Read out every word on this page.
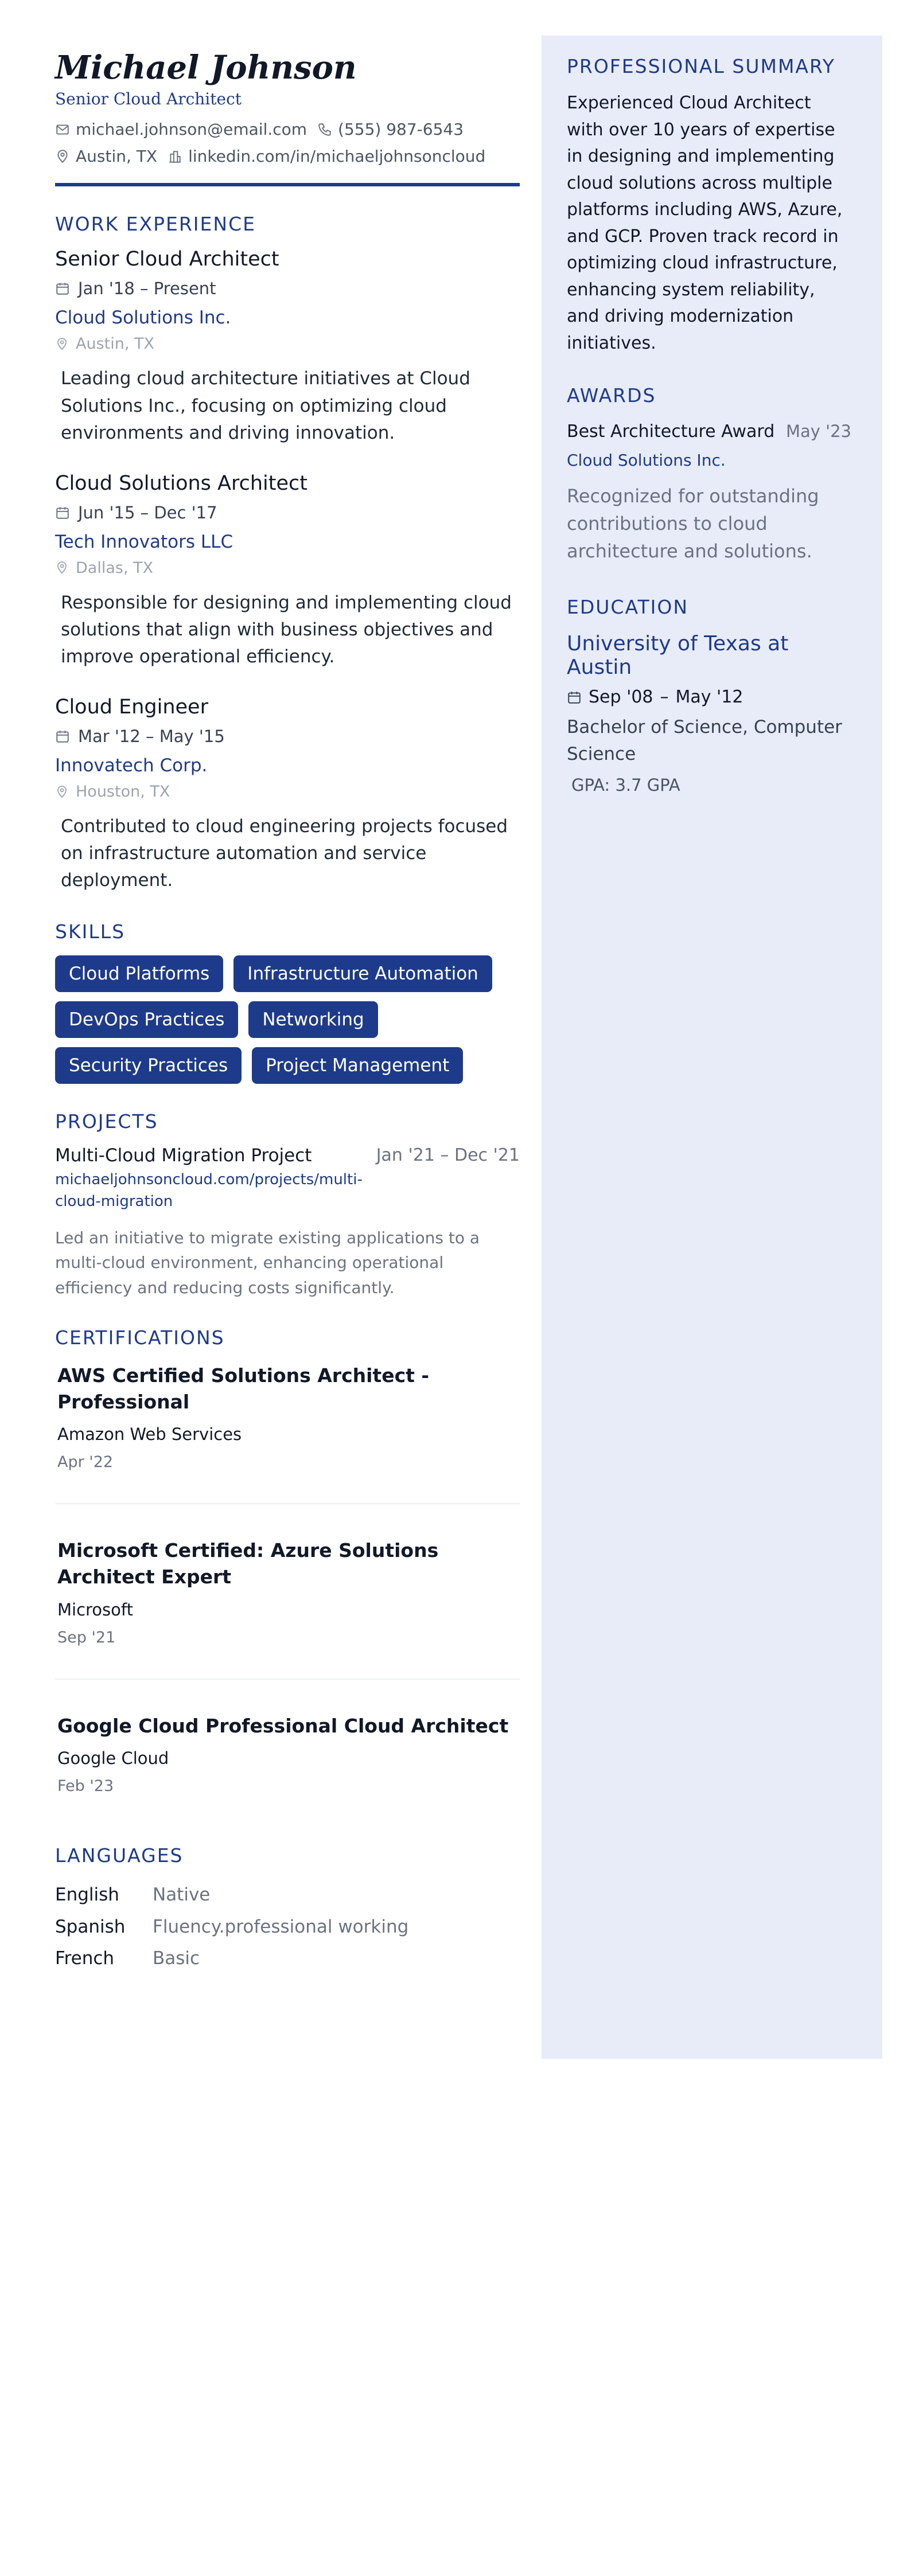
Michael Johnson
Senior Cloud Architect
michael.johnson@email.com (555) 987-6543
Austin, TX linkedin.com/in/michaeljohnsoncloud
WORK EXPERIENCE
Senior Cloud Architect
Jan '18 – Present
Cloud Solutions Inc.
Austin, TX
Leading cloud architecture initiatives at Cloud Solutions Inc., focusing on optimizing cloud environments and driving innovation.
Cloud Solutions Architect
Jun '15 – Dec '17
Tech Innovators LLC
Dallas, TX
Responsible for designing and implementing cloud solutions that align with business objectives and improve operational efficiency.
Cloud Engineer
Mar '12 – May '15
Innovatech Corp.
Houston, TX
Contributed to cloud engineering projects focused on infrastructure automation and service deployment.
SKILLS
Cloud Platforms	Infrastructure Automation
DevOps Practices	Networking
Security Practices	Project Management
PROJECTS
Multi-Cloud Migration Project	Jan '21 – Dec '21
michaeljohnsoncloud.com/projects/multi-cloud-migration
Led an initiative to migrate existing applications to a multi-cloud environment, enhancing operational efficiency and reducing costs significantly.
CERTIFICATIONS
AWS Certified Solutions Architect - Professional
Amazon Web Services
Apr '22
Microsoft Certified: Azure Solutions Architect Expert
Microsoft
Sep '21
Google Cloud Professional Cloud Architect
Google Cloud
Feb '23
LANGUAGES
English	Native
Spanish	Fluency.professional working
French	Basic
PROFESSIONAL SUMMARY
Experienced Cloud Architect with over 10 years of expertise in designing and implementing cloud solutions across multiple platforms including AWS, Azure, and GCP. Proven track record in optimizing cloud infrastructure, enhancing system reliability, and driving modernization initiatives.
AWARDS
Best Architecture Award May '23
Cloud Solutions Inc.
Recognized for outstanding contributions to cloud architecture and solutions.
EDUCATION
University of Texas at Austin
Sep '08 – May '12
Bachelor of Science, Computer Science
GPA: 3.7 GPA
